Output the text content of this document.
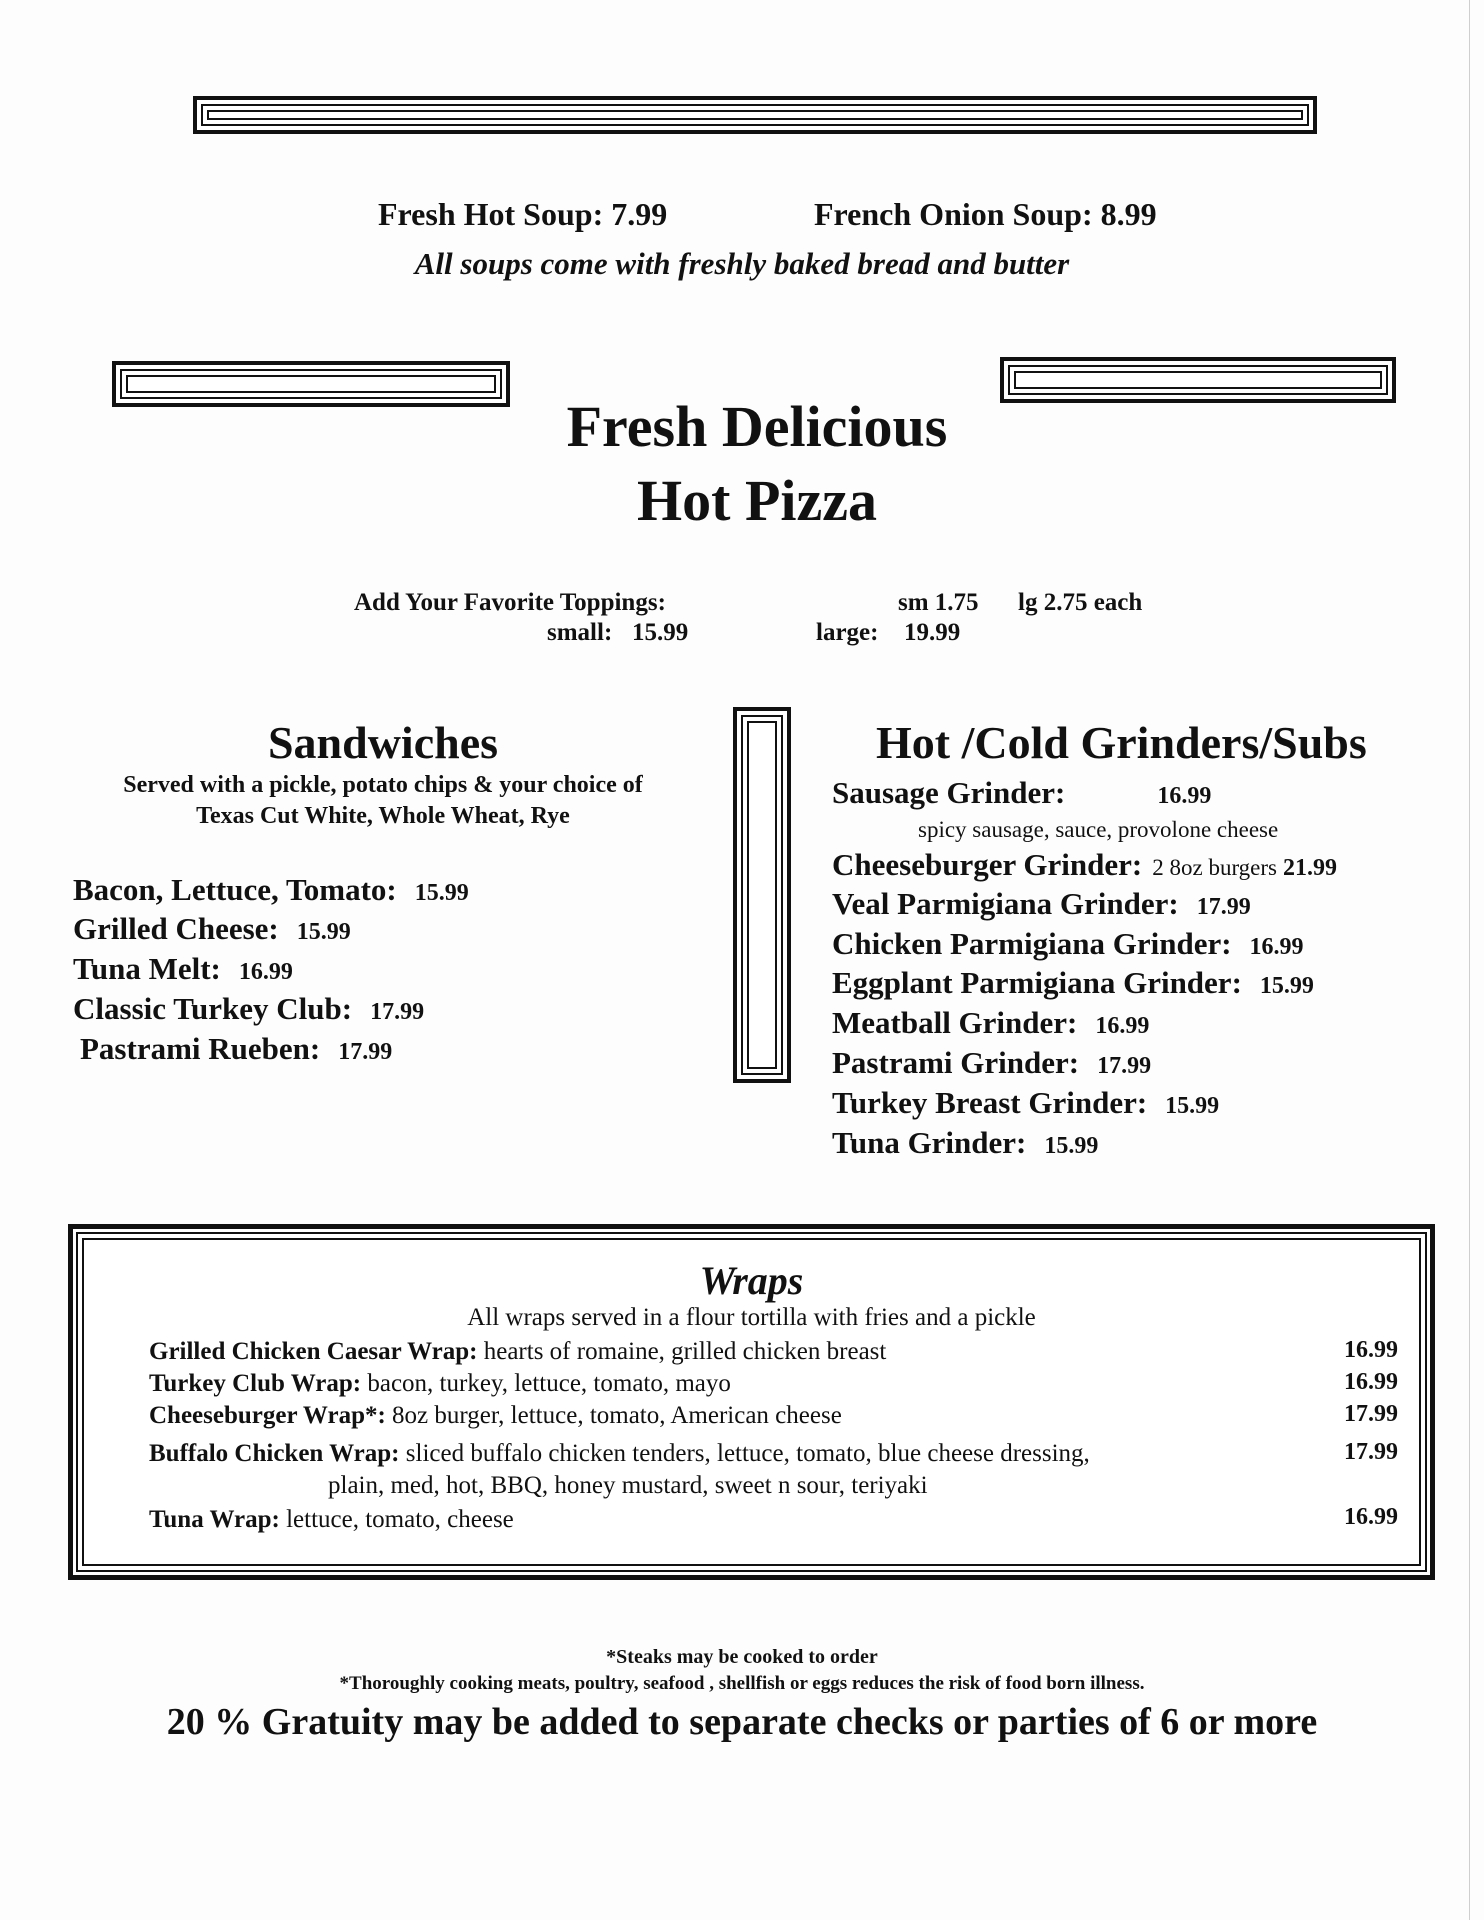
Fresh Hot Soup: 7.99	French Onion Soup: 8.99
All soups come with freshly baked bread and butter
Fresh Delicious
Hot Pizza
Add Your Favorite Toppings:
small: 15.99	large: 19.99
sm 1.75 lg 2.75 each
Sandwiches
Served with a pickle, potato chips & your choice of
Texas Cut White, Whole Wheat, Rye
Bacon, Lettuce, Tomato: 15.99
Grilled Cheese: 15.99
Tuna Melt: 16.99
Classic Turkey Club: 17.99
Pastrami Rueben: 17.99
Hot /Cold Grinders/Subs
Sausage Grinder:	16.99
spicy sausage, sauce, provolone cheese
Cheeseburger Grinder: 2 8oz burgers 21.99
Veal Parmigiana Grinder: 17.99
Chicken Parmigiana Grinder: 16.99
Eggplant Parmigiana Grinder: 15.99
Meatball Grinder: 16.99
Pastrami Grinder: 17.99
Turkey Breast Grinder: 15.99
Tuna Grinder: 15.99
Wraps
All wraps served in a flour tortilla with fries and a pickle
Grilled Chicken Caesar Wrap: hearts of romaine, grilled chicken breast	16.99
Turkey Club Wrap: bacon, turkey, lettuce, tomato, mayo	16.99
Cheeseburger Wrap*: 8oz burger, lettuce, tomato, American cheese	17.99
Buffalo Chicken Wrap: sliced buffalo chicken tenders, lettuce, tomato, blue cheese dressing,
plain, med, hot, BBQ, honey mustard, sweet n sour, teriyaki
17.99
Tuna Wrap: lettuce, tomato, cheese	16.99
*Steaks may be cooked to order
*Thoroughly cooking meats, poultry, seafood , shellfish or eggs reduces the risk of food born illness.
20 % Gratuity may be added to separate checks or parties of 6 or more
